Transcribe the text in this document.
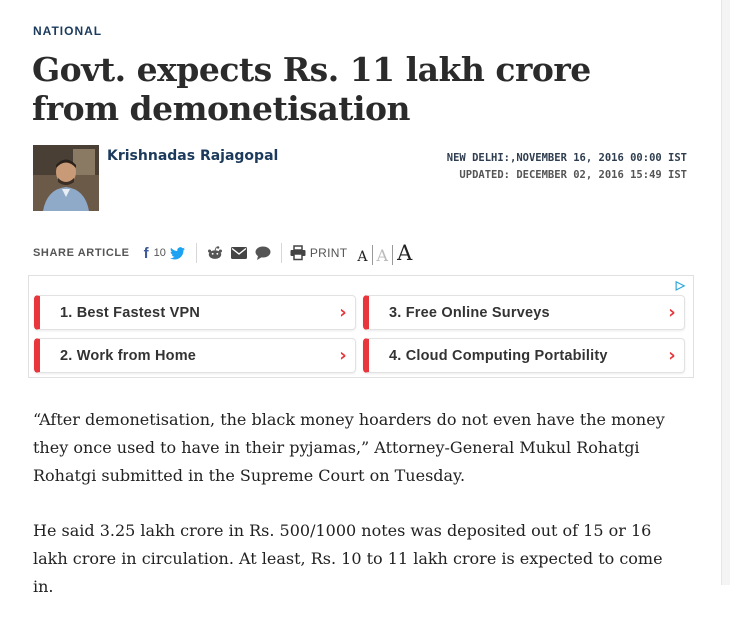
NATIONAL
Govt. expects Rs. 11 lakh crore from demonetisation
Krishnadas Rajagopal	NEW DELHI:,NOVEMBER 16, 2016 00:00 IST
UPDATED: DECEMBER 02, 2016 15:49 IST
SHARE ARTICLE f 10	PRINT A A A
▷
1. Best Fastest VPN	›	3. Free Online Surveys	›
2. Work from Home	›	4. Cloud Computing Portability	›

“After demonetisation, the black money hoarders do not even have the money they once used to have in their pyjamas,” Attorney-General Mukul Rohatgi Rohatgi submitted in the Supreme Court on Tuesday.

He said 3.25 lakh crore in Rs. 500/1000 notes was deposited out of 15 or 16 lakh crore in circulation. At least, Rs. 10 to 11 lakh crore is expected to come in.
